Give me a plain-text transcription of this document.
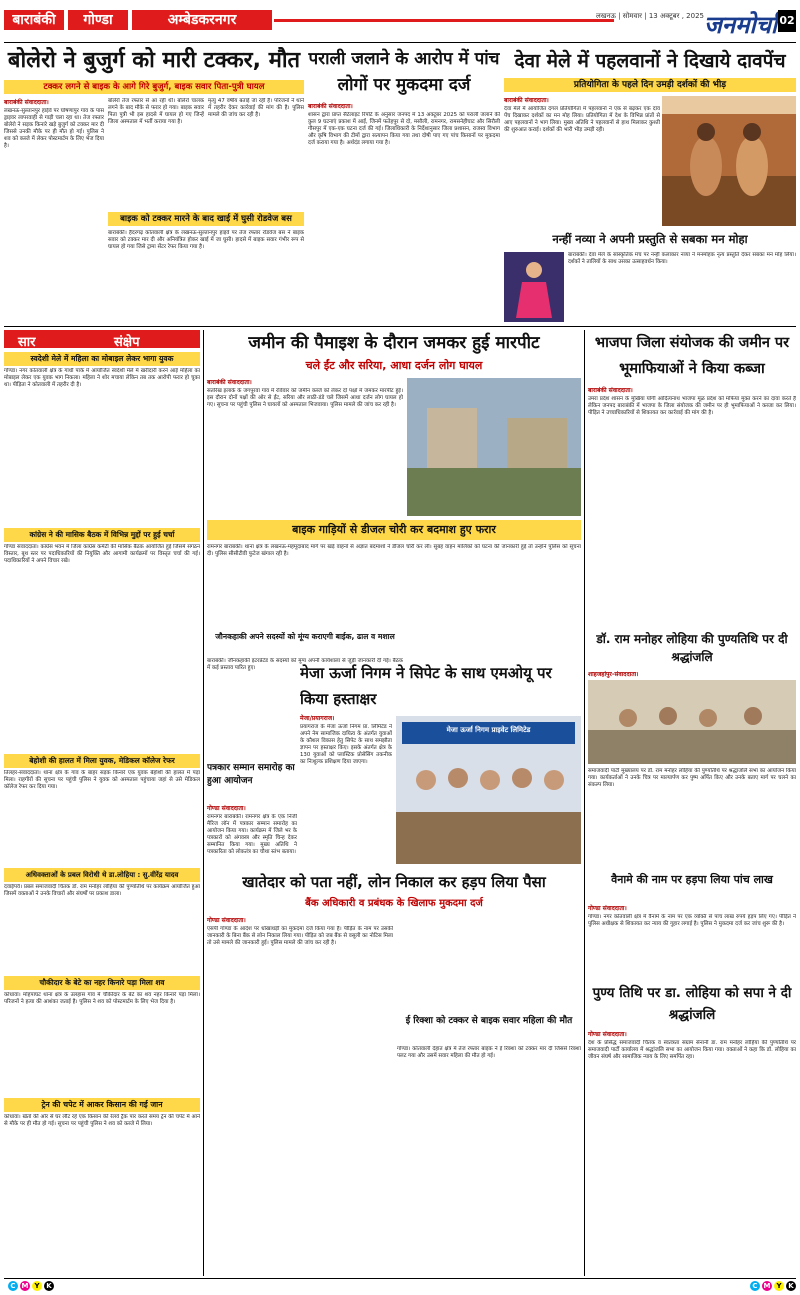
बाराबंकी	गोण्डा	अम्बेडकरनगर	लखनऊ | सोमवार | 13 अक्टूबर , 2025 जनमोर्चा 02
बोलेरो ने बुजुर्ग को मारी टक्कर, मौत
टक्कर लगने से बाइक के आगे गिरे बुजुर्ग, बाइक सवार पिता-पुत्री घायल
बाराबंकी संवाददाता।
लखनऊ-सुल्तानपुर हाईवे पर घोषणापुर गांव के पास ड्राइवर लापरवाही से गाड़ी चला रहा था। तेज रफ्तार बोलेरो ने सड़क किनारे खड़े बुजुर्ग को टक्कर मार दी जिससे उनकी मौके पर ही मौत हो गई। पुलिस ने शव को कब्जे में लेकर पोस्टमार्टम के लिए भेज दिया है।
बोलेरो तेज रफ्तार से आ रही थी। बोलेरो चालक लगने के बाद मौके से फरार हो गया। बाइक सवार पिता पुत्री भी इस हादसे में घायल हो गए जिन्हें जिला अस्पताल में भर्ती कराया गया है।
मृत्यु 47 वर्षीय बताई जा रही है। परिजनों ने थाने में तहरीर देकर कार्रवाई की मांग की है। पुलिस मामले की जांच कर रही है।
बाइक को टक्कर मारने के बाद खाई में घुसी रोडवेज बस
बाराबंकी। हैदरगढ़ कोतवाली क्षेत्र के लखनऊ-सुल्तानपुर हाइवे पर तेज रफ्तार रोडवेज बस ने बाइक सवार को टक्कर मार दी और अनियंत्रित होकर खाई में जा घुसी। हादसे में बाइक सवार गंभीर रूप से घायल हो गया जिसे ट्रामा सेंटर रेफर किया गया है।
पराली जलाने के आरोप में पांच लोगों पर मुकदमा दर्ज
बाराबंकी संवाददाता।
शासन द्वारा प्राप्त सैटेलाइट रिपोर्ट के अनुसार जनपद में 13 अक्टूबर 2025 को पराली जलाने की कुल 9 घटनाएं प्रकाश में आईं, जिनमें फतेहपुर से दो, मसौली, रामनगर, रामसनेहीघाट और सिरौली गौसपुर में एक-एक घटना दर्ज की गई। जिलाधिकारी के निर्देशानुसार जिला प्रशासन, राजस्व विभाग और कृषि विभाग की टीमों द्वारा सत्यापन किया गया तथा दोषी पाए गए पांच किसानों पर मुकदमा दर्ज कराया गया है। अर्थदंड लगाया गया है।
देवा मेले में पहलवानों ने दिखाये दावपेंच
प्रतियोगिता के पहले दिन उमड़ी दर्शकों की भीड़
बाराबंकी संवाददाता।
देवा मेले में आयोजित दंगल प्रतियोगिता में पहलवानों ने एक से बढ़कर एक दांव पेंच दिखाकर दर्शकों का मन मोह लिया। प्रतियोगिता में देश के विभिन्न प्रांतों से आए पहलवानों ने भाग लिया। मुख्य अतिथि ने पहलवानों से हाथ मिलाकर कुश्ती की शुरुआत कराई। दर्शकों की भारी भीड़ उमड़ी रही।
नन्हीं नव्या ने अपनी प्रस्तुति से सबका मन मोहा
बाराबंकी। देवा मेले के सांस्कृतिक मंच पर नन्हीं कलाकार नव्या ने मनमोहक नृत्य प्रस्तुति देकर सबका मन मोह लिया। दर्शकों ने तालियों के साथ उसका उत्साहवर्धन किया।
सार	संक्षेप
स्वदेशी मेले में महिला का मोबाइल लेकर भागा युवक
गोण्डा। नगर कोतवाली क्षेत्र के गांधी पार्क में आयोजित स्वदेशी मेले में खरीदारी करने आई महिला का मोबाइल लेकर एक युवक भाग निकला। महिला ने शोर मचाया लेकिन तब तक आरोपी फरार हो चुका था। पीड़िता ने कोतवाली में तहरीर दी है।
कांग्रेस ने की मासिक बैठक में विभिन्न मुद्दों पर हुई चर्चा
गोण्डा संवाददाता। कांग्रेस भवन में जिला कांग्रेस कमेटी की मासिक बैठक आयोजित हुई जिसमें संगठन विस्तार, बूथ स्तर पर पदाधिकारियों की नियुक्ति और आगामी कार्यक्रमों पर विस्तृत चर्चा की गई। पदाधिकारियों ने अपने विचार रखे।
बेहोशी की हालत में मिला युवक, मेडिकल कॉलेज रेफर
तिलहर-संवाददाता। थाना क्षेत्र के गांव के बाहर सड़क किनारे एक युवक बेहोशी की हालत में पड़ा मिला। राहगीरों की सूचना पर पहुंची पुलिस ने युवक को अस्पताल पहुंचाया जहां से उसे मेडिकल कॉलेज रेफर कर दिया गया।
अधिवक्ताओं के प्रबल विरोधी थे डा.लोहिया : सु.वीरेंद्र यादव
दवाईपर्व। प्रबल समाजवादी चिंतक डॉ. राम मनोहर लोहिया की पुण्यतिथि पर कार्यक्रम आयोजित हुआ जिसमें वक्ताओं ने उनके विचारों और संघर्षों पर प्रकाश डाला।
चौकीदार के बेटे का नहर किनारे पड़ा मिला शव
कोंधावां। मोहंपाघट थाना क्षेत्र के उलहास गांव में चौकीदार के बेटे का शव नहर किनारे पड़ा मिला। परिजनों ने हत्या की आशंका जताई है। पुलिस ने शव को पोस्टमार्टम के लिए भेज दिया है।
ट्रेन की चपेट में आकर किसान की गई जान
कोंधावां। खेतों की ओर से घर लौट रहे एक किसान की रेलवे ट्रैक पार करते समय ट्रेन की चपेट में आने से मौके पर ही मौत हो गई। सूचना पर पहुंची पुलिस ने शव को कब्जे में लिया।
जमीन की पैमाइश के दौरान जमकर हुई मारपीट
चले ईंट और सरिया, आधा दर्जन लोग घायल
बाराबंकी संवाददाता।
सतरिख इलाके के जगपुरवा गांव में रविवार को जमीन कब्जे को लेकर दो पक्षों में जमकर मारपीट हुई। इस दौरान दोनों पक्षों की ओर से ईंट, सरिया और लाठी-डंडे चले जिसमें आधा दर्जन लोग घायल हो गए। सूचना पर पहुंची पुलिस ने घायलों को अस्पताल भिजवाया। पुलिस मामले की जांच कर रही है।
बाइक गाड़ियों से डीजल चोरी कर बदमाश हुए फरार
रामनगर बाराबंकी। थाना क्षेत्र के लखनऊ-महमूदाबाद मार्ग पर खड़े वाहनों से अज्ञात बदमाशों ने डीजल चोरी कर ली। सुबह वाहन मालिकों को घटना की जानकारी हुई तो उन्होंने पुलिस को सूचना दी। पुलिस सीसीटीवी फुटेज खंगाल रही है।
जौनकहाकी अपने सदस्यों को मूंग्य कराएगी बाईक, ढाल व मशाल
बाराबंकी। जौनकहाकी इंटरप्रेटेड के सदस्यों को मूंग्य अपनी कार्यशाला से जुड़ी जानकारी दी गई। बैठक में कई प्रस्ताव पारित हुए।	मेजा ऊर्जा निगम ने सिपेट के साथ एमओयू पर किया हस्ताक्षर
मेजा/प्रयागराज।
प्रयागराज के मेजा ऊर्जा निगम प्रा. लिमिटेड ने अपने नेम सामाजिक दायित्व के अंतर्गत युवाओं के कौशल विकास हेतु सिपेट के साथ समझौता ज्ञापन पर हस्ताक्षर किए। इसके अंतर्गत क्षेत्र के 130 युवाओं को प्लास्टिक प्रोसेसिंग तकनीक का निःशुल्क प्रशिक्षण दिया जाएगा।
मेजा ऊर्जा निगम प्राइवेट लिमिटेड
खातेदार को पता नहीं, लोन निकाल कर हड़प लिया पैसा
बैंक अधिकारी व प्रबंधक के खिलाफ मुकदमा दर्ज
गोण्डा संवाददाता।
एसपी गोण्डा के आदेश पर धोखाधड़ी का मुकदमा दर्ज किया गया है। पीड़ित के नाम पर उसकी जानकारी के बिना बैंक से लोन निकाल लिया गया। पीड़ित को जब बैंक से वसूली का नोटिस मिला तो उसे मामले की जानकारी हुई। पुलिस मामले की जांच कर रही है।
ई रिक्शा को टक्कर से बाइक सवार महिला की मौत
गोण्डा। कोतवाली देहात क्षेत्र में तेज रफ्तार बाइक ने ई रिक्शा को टक्कर मार दी जिससे रिक्शा पलट गया और उसमें सवार महिला की मौत हो गई।
भाजपा जिला संयोजक की जमीन पर भूमाफियाओं ने किया कब्जा
बाराबंकी संवाददाता।
उमरा प्रदेश शासन के मुखिया योगी आदित्यनाथ भाजपा मूळ प्रदेश को मफिया मुक्त करने का दावा करते हैं लेकिन जनपद बाराबंकी में भाजपा के जिला संयोजक की जमीन पर ही भूमाफियाओं ने कब्जा कर लिया। पीड़ित ने उच्चाधिकारियों से शिकायत कर कार्रवाई की मांग की है।
डॉ. राम मनोहर लोहिया की पुण्यतिथि पर दी श्रद्धांजलि
शाहजहांपुर-संवाददाता।
समाजवादी पार्टी मुख्यालय पर डॉ. राम मनोहर लोहिया की पुण्यतिथि पर श्रद्धांजलि सभा का आयोजन किया गया। कार्यकर्ताओं ने उनके चित्र पर माल्यार्पण कर पुष्प अर्पित किए और उनके बताए मार्ग पर चलने का संकल्प लिया।
वैनामे की नाम पर हड़पा लिया पांच लाख
गोण्डा संवाददाता।
गोण्डा। नगर कोतवाली क्षेत्र में वैनामे के नाम पर एक व्यक्ति से पांच लाख रुपये हड़प लिए गए। पीड़ित ने पुलिस अधीक्षक से शिकायत कर न्याय की गुहार लगाई है। पुलिस ने मुकदमा दर्ज कर जांच शुरू की है।
पुण्य तिथि पर डा. लोहिया को सपा ने दी श्रद्धांजलि
गोण्डा संवाददाता।
देश के प्रसिद्ध समाजवादी चिंतक व स्वतंत्रता संग्राम सेनानी डा. राम मनोहर लोहिया की पुण्यतिथि पर समाजवादी पार्टी कार्यालय में श्रद्धांजलि सभा का आयोजन किया गया। वक्ताओं ने कहा कि डॉ. लोहिया का जीवन संघर्ष और सामाजिक न्याय के लिए समर्पित रहा।
पत्रकार सम्मान समारोह का हुआ आयोजन
गोण्डा संवाददाता।
रामनगर बाराबंकी। रामनगर क्षेत्र के एक निजी मैरिज लॉन में पत्रकार सम्मान समारोह का आयोजन किया गया। कार्यक्रम में जिले भर के पत्रकारों को अंगवस्त्र और स्मृति चिन्ह देकर सम्मानित किया गया। मुख्य अतिथि ने पत्रकारिता को लोकतंत्र का चौथा स्तंभ बताया।
C M Y K	C M Y K
